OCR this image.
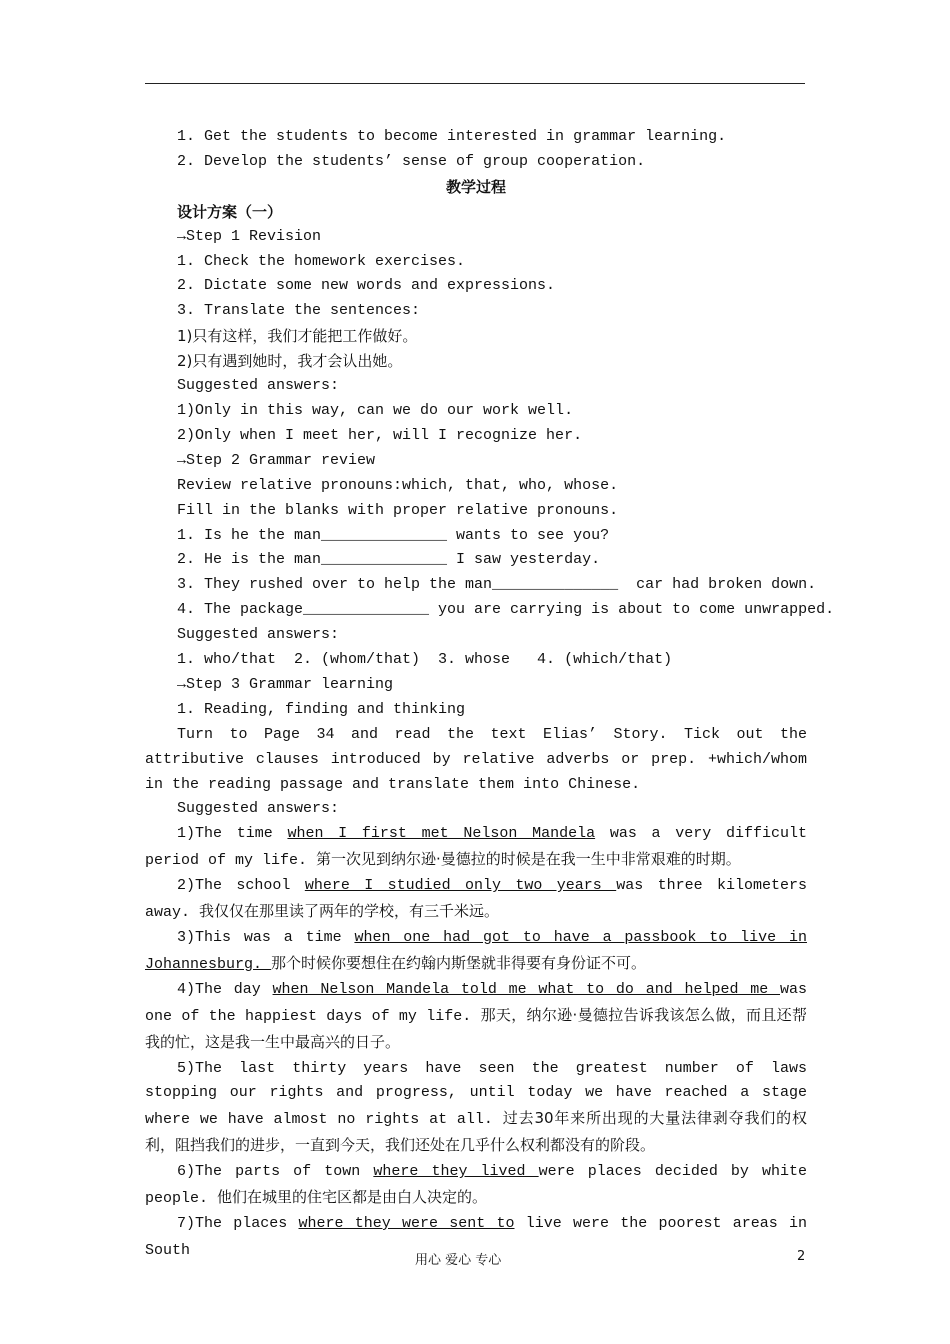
1. Get the students to become interested in grammar learning.

2. Develop the students’ sense of group cooperation.

教学过程

设计方案（一）

→Step 1 Revision

1. Check the homework exercises.

2. Dictate some new words and expressions.

3. Translate the sentences:

1)只有这样，我们才能把工作做好。

2)只有遇到她时，我才会认出她。

Suggested answers:

1)Only in this way, can we do our work well.

2)Only when I meet her, will I recognize her.

→Step 2 Grammar review

Review relative pronouns:which, that, who, whose.

Fill in the blanks with proper relative pronouns.

1. Is he the man______________ wants to see you?

2. He is the man______________ I saw yesterday.

3. They rushed over to help the man______________  car had broken down.

4. The package______________ you are carrying is about to come unwrapped.

Suggested answers:

1. who/that  2. (whom/that)  3. whose   4. (which/that)

→Step 3 Grammar learning

1. Reading, finding and thinking

Turn to Page 34 and read the text Elias’ Story. Tick out the attributive clauses introduced by relative adverbs or prep. +which/whom in the reading passage and translate them into Chinese.

Suggested answers:

1)The time when I first met Nelson Mandela was a very difficult period of my life. 第一次见到纳尔逊·曼德拉的时候是在我一生中非常艰难的时期。

2)The school where I studied only two years was three kilometers away. 我仅仅在那里读了两年的学校，有三千米远。

3)This was a time when one had got to have a passbook to live in Johannesburg. 那个时候你要想住在约翰内斯堡就非得要有身份证不可。

4)The day when Nelson Mandela told me what to do and helped me was one of the happiest days of my life. 那天，纳尔逊·曼德拉告诉我该怎么做，而且还帮我的忙，这是我一生中最高兴的日子。

5)The last thirty years have seen the greatest number of laws stopping our rights and progress, until today we have reached a stage where we have almost no rights at all. 过去30年来所出现的大量法律剥夺我们的权利，阻挡我们的进步，一直到今天，我们还处在几乎什么权利都没有的阶段。

6)The parts of town where they lived were places decided by white people. 他们在城里的住宅区都是由白人决定的。

7)The places where they were sent to live were the poorest areas in South

用心 爱心 专心	2
